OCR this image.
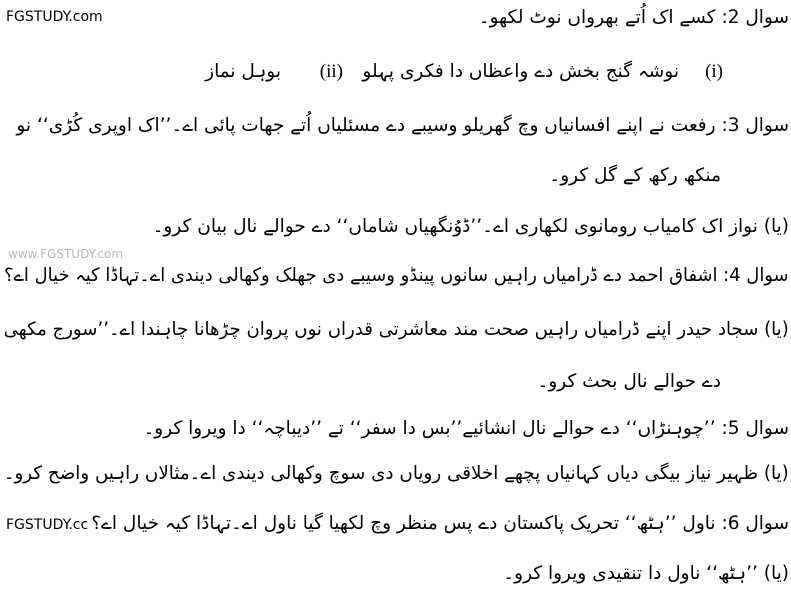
FGSTUDY.com
www.FGSTUDY.com
FGSTUDY.cc
سوال 2: کسے اک اُتے بھرواں نوٹ لکھو۔
(i)
نوشہ گنج بخش دے واعظاں دا فکری پہلو
(ii)
بوہل نماز
سوال 3: رفعت نے اپنے افسانیاں وچ گھریلو وسیبے دے مسئلیاں اُتے جھات پائی اے۔’’اک اوپری کُڑی‘‘ نو
منکھ رکھ کے گل کرو۔
(یا) نواز اک کامیاب رومانوی لکھاری اے۔’’ڈوُنگھیاں شاماں‘‘ دے حوالے نال بیان کرو۔
سوال 4: اشفاق احمد دے ڈرامیاں راہیں سانوں پینڈو وسیبے دی جھلک وکھالی دیندی اے۔تہاڈا کیہ خیال اے؟
(یا) سجاد حیدر اپنے ڈرامیاں راہیں صحت مند معاشرتی قدراں نوں پروان چڑھانا چاہندا اے۔’’سورج مکھی
دے حوالے نال بحث کرو۔
سوال 5: ’’چوہنڑاں‘‘ دے حوالے نال انشائیے’’بس دا سفر‘‘ تے ’’دیباچہ‘‘ دا ویروا کرو۔
(یا) ظہیر نیاز بیگی دیاں کہانیاں پچھے اخلاقی رویاں دی سوچ وکھالی دیندی اے۔مثالاں راہیں واضح کرو۔
سوال 6: ناول ’’ہٹھ‘‘ تحریک پاکستان دے پس منظر وچ لکھیا گیا ناول اے۔تہاڈا کیہ خیال اے؟
(یا) ’’ہٹھ‘‘ ناول دا تنقیدی ویروا کرو۔
